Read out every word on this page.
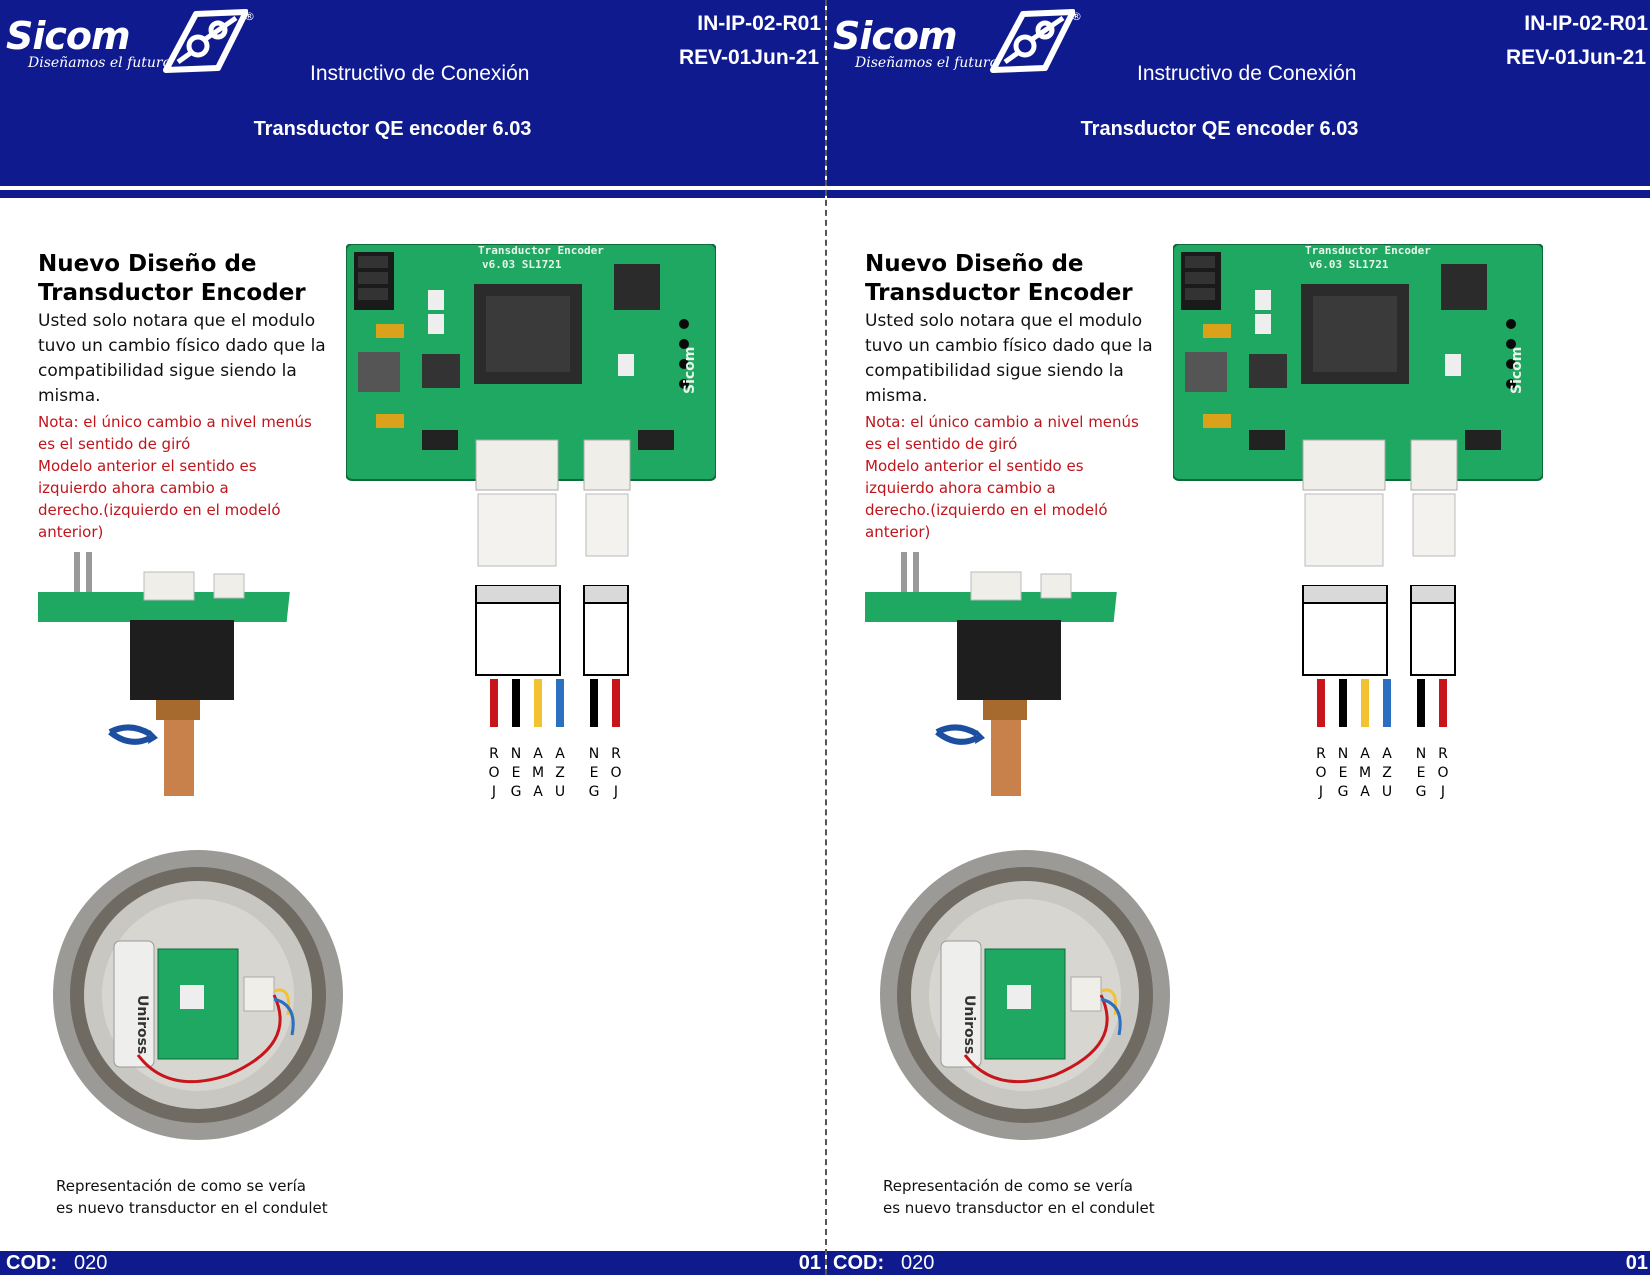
Sicom	®
Diseñamos el futuro
IN-IP-02-R01
REV-01Jun-21
Instructivo de Conexión
Transductor QE encoder 6.03
Nuevo Diseño de
Transductor Encoder
Usted solo notara que el modulo tuvo un cambio físico dado que la compatibilidad sigue siendo la misma.
Nota: el único cambio a nivel menús
es el sentido de giró
Modelo anterior el sentido es
izquierdo ahora cambio a
derecho.(izquierdo en el modeló
anterior)
Transductor Encoder
v6.03 SL1721
Sicom
Uniross
Representación de como se vería
es nuevo transductor en el condulet
COD: 020	01
R
O
J
N
E
G
A
M
A
A
Z
U
N
E
G
R
O
J
Sicom	®
Diseñamos el futuro
IN-IP-02-R01
REV-01Jun-21
Instructivo de Conexión
Transductor QE encoder 6.03
Nuevo Diseño de
Transductor Encoder
Usted solo notara que el modulo tuvo un cambio físico dado que la compatibilidad sigue siendo la misma.
Nota: el único cambio a nivel menús
es el sentido de giró
Modelo anterior el sentido es
izquierdo ahora cambio a
derecho.(izquierdo en el modeló
anterior)
Transductor Encoder
v6.03 SL1721
Sicom
Uniross
Representación de como se vería
es nuevo transductor en el condulet
COD: 020	01
R
O
J
N
E
G
A
M
A
A
Z
U
N
E
G
R
O
J
